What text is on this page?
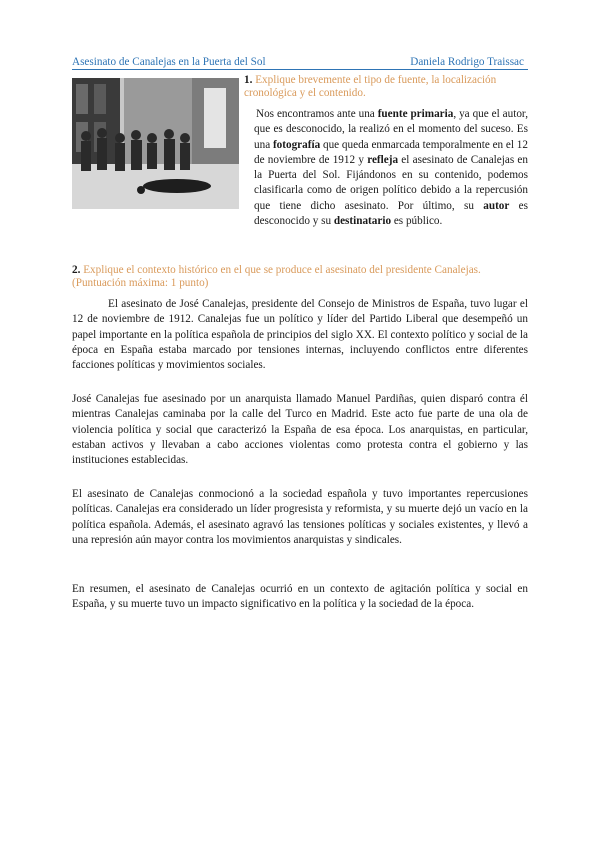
Asesinato de Canalejas en la Puerta del Sol	Daniela Rodrigo Traissac
1. Explique brevemente el tipo de fuente, la localización cronológica y el contenido.
Nos encontramos ante una fuente primaria, ya que el autor, que es desconocido, la realizó en el momento del suceso. Es una fotografía que queda enmarcada temporalmente en el 12 de noviembre de 1912 y refleja el asesinato de Canalejas en la Puerta del Sol. Fijándonos en su contenido, podemos clasificarla como de origen político debido a la repercusión que tiene dicho asesinato. Por último, su autor es desconocido y su destinatario es público.
2. Explique el contexto histórico en el que se produce el asesinato del presidente Canalejas. (Puntuación máxima: 1 punto)
El asesinato de José Canalejas, presidente del Consejo de Ministros de España, tuvo lugar el 12 de noviembre de 1912. Canalejas fue un político y líder del Partido Liberal que desempeñó un papel importante en la política española de principios del siglo XX. El contexto político y social de la época en España estaba marcado por tensiones internas, incluyendo conflictos entre diferentes facciones políticas y movimientos sociales.
José Canalejas fue asesinado por un anarquista llamado Manuel Pardiñas, quien disparó contra él mientras Canalejas caminaba por la calle del Turco en Madrid. Este acto fue parte de una ola de violencia política y social que caracterizó la España de esa época. Los anarquistas, en particular, estaban activos y llevaban a cabo acciones violentas como protesta contra el gobierno y las instituciones establecidas.
El asesinato de Canalejas conmocionó a la sociedad española y tuvo importantes repercusiones políticas. Canalejas era considerado un líder progresista y reformista, y su muerte dejó un vacío en la política española. Además, el asesinato agravó las tensiones políticas y sociales existentes, y llevó a una represión aún mayor contra los movimientos anarquistas y sindicales.
En resumen, el asesinato de Canalejas ocurrió en un contexto de agitación política y social en España, y su muerte tuvo un impacto significativo en la política y la sociedad de la época.
